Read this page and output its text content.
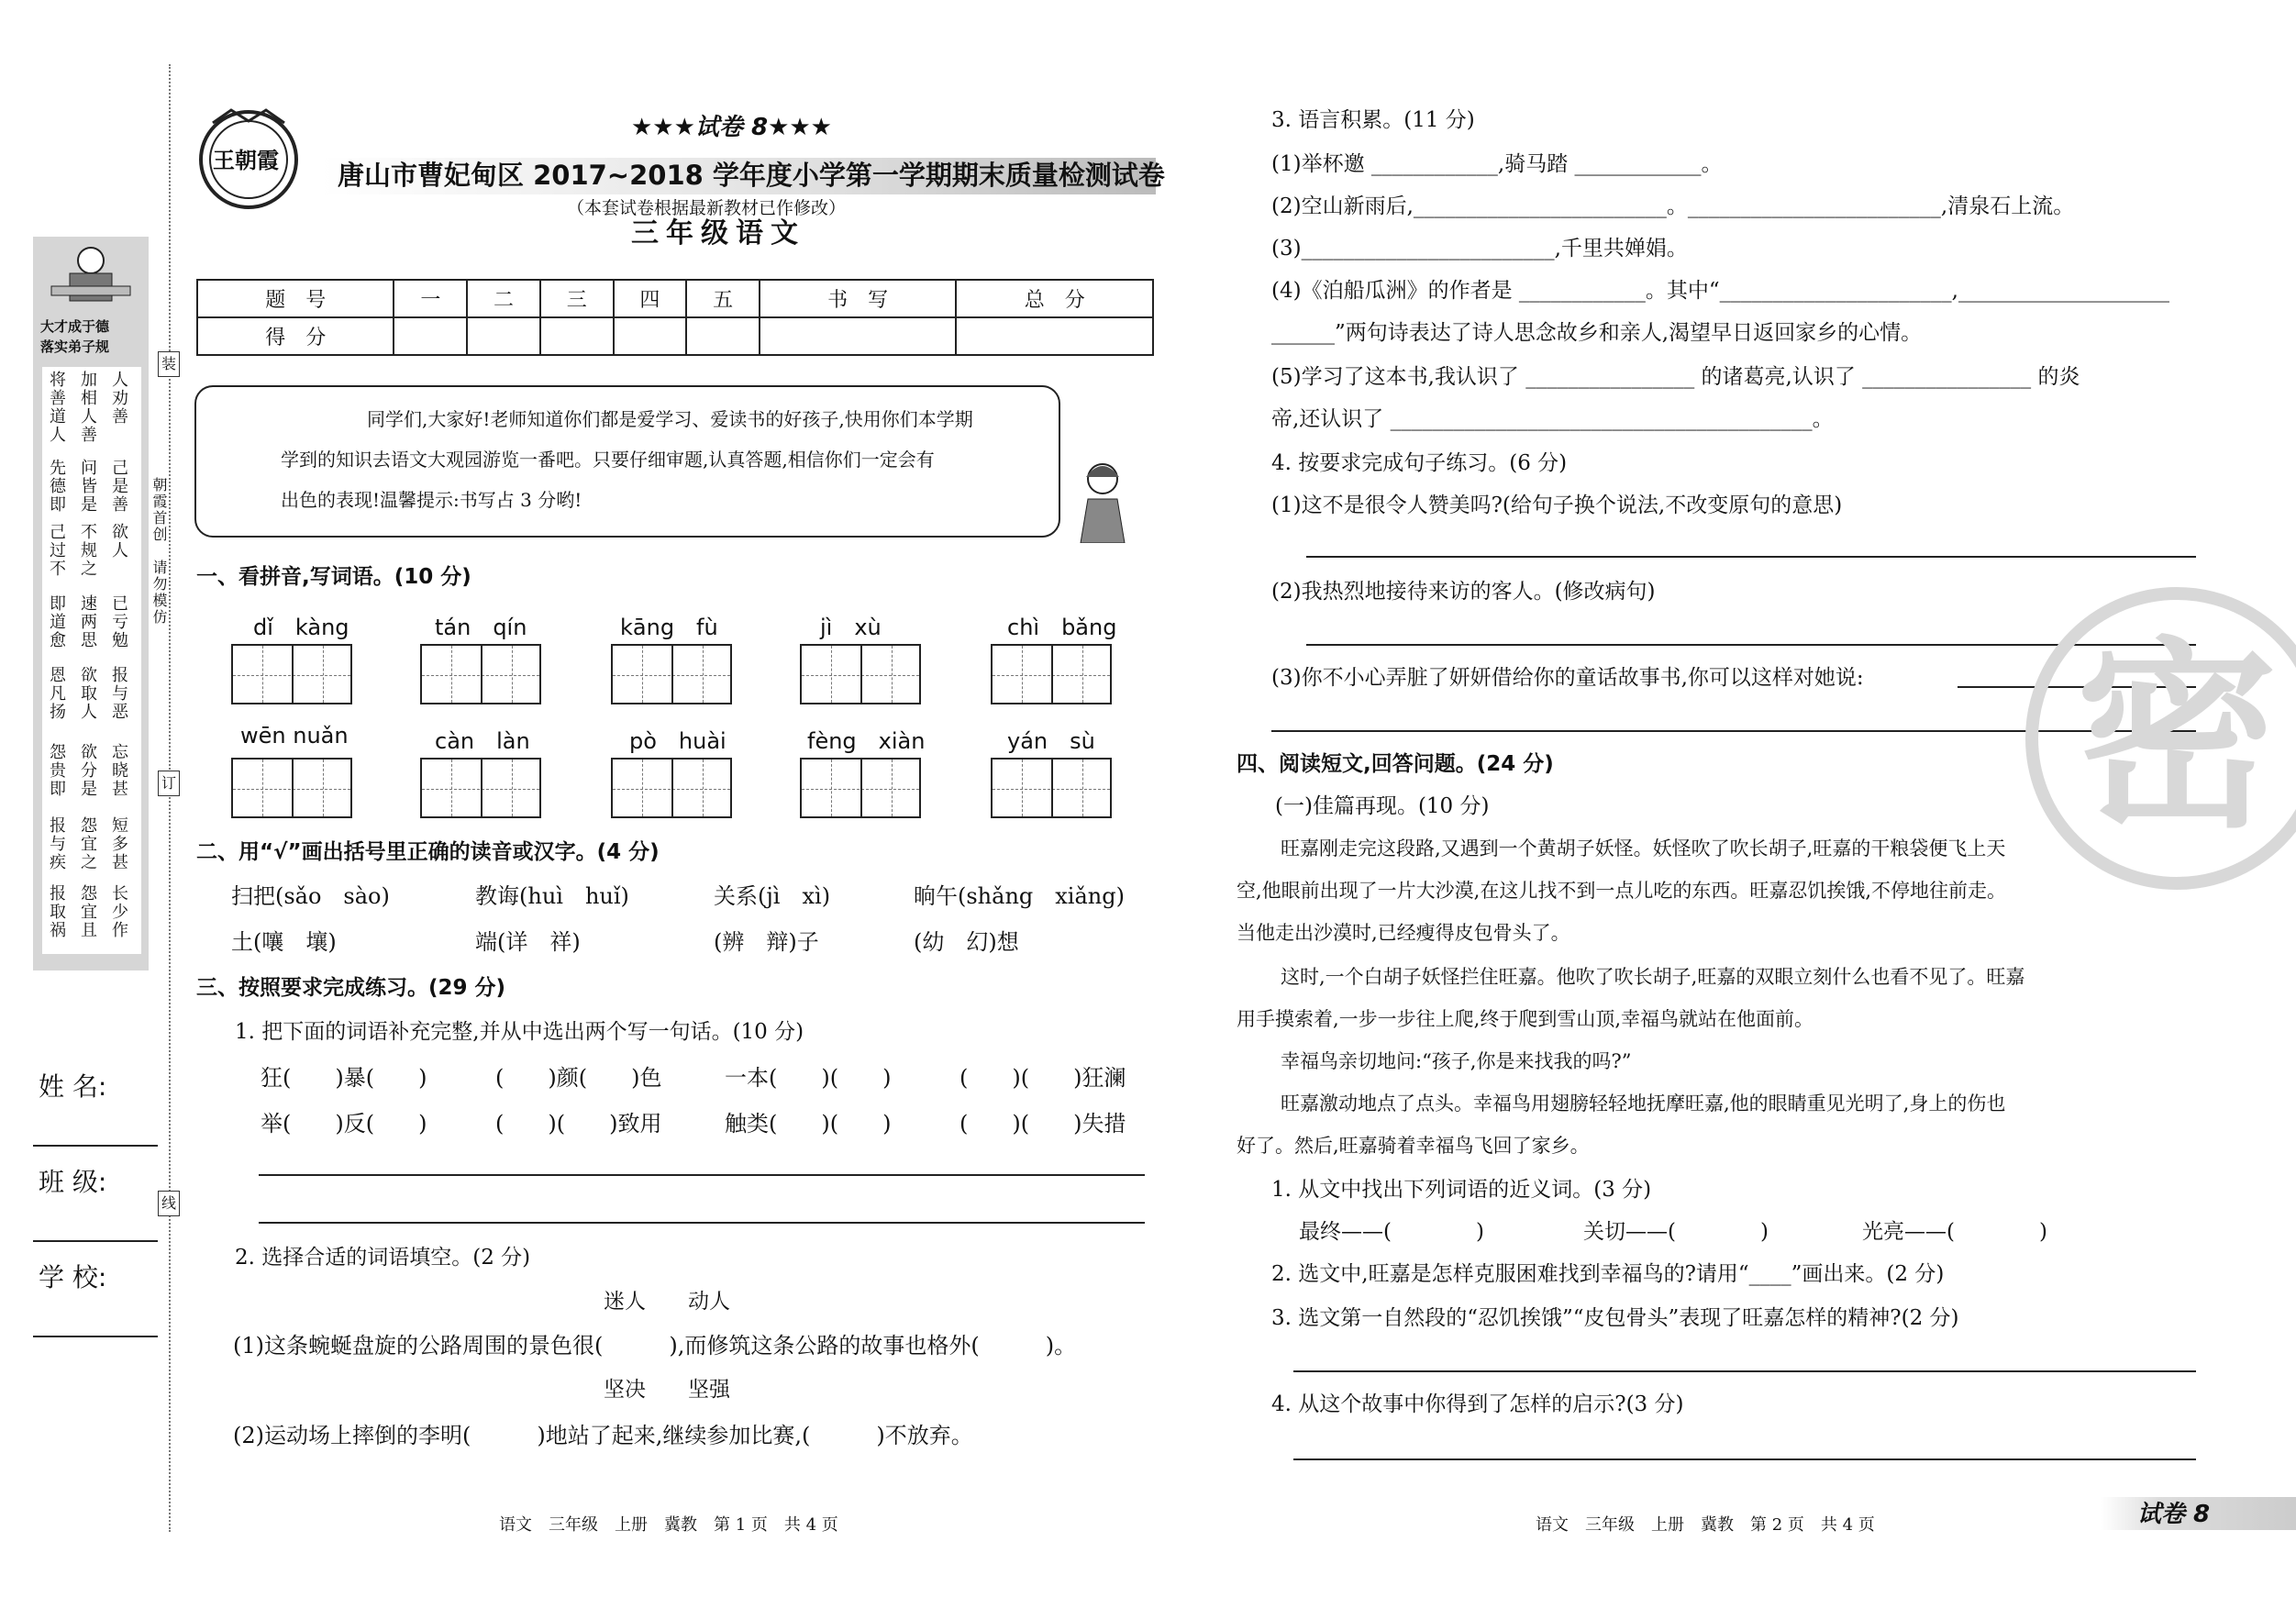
装
订
线
朝霞首创　请勿模仿
大才成于德
落实弟子规
将善道人 加相人善 人劝善
先德即 问皆是 己是善
己过不 不规之 欲人
即道愈 速两思 已亏勉
恩凡扬 欲取人 报与恶
怨贵即 欲分是 忘晓甚
报与疾 怨宜之 短多甚
报取祸 怨宜且 长少作
姓 名:
班 级:
学 校:
王朝霞
★★★试卷 8★★★
唐山市曹妃甸区 2017~2018 学年度小学第一学期期末质量检测试卷
（本套试卷根据最新教材已作修改）
三年级语文
题　号	一	二	三	四	五	书　写	总　分
得　分							
同学们,大家好!老师知道你们都是爱学习、爱读书的好孩子,快用你们本学期
学到的知识去语文大观园游览一番吧。只要仔细审题,认真答题,相信你们一定会有
出色的表现!温馨提示:书写占 3 分哟!
一、看拼音,写词语。(10 分)
dǐ　kàng	tán　qín	kāng　fù	jì　xù	chì　bǎng
wēn nuǎn	càn　làn	pò　huài	fèng　xiàn	yán　sù
二、用“√”画出括号里正确的读音或汉字。(4 分)
扫把(sǎo　sào)	教诲(huì　huǐ)	关系(jì　xì)	晌午(shǎng　xiǎng)
土(嚷　壤)	端(详　祥)	(辨　辩)子	(幼　幻)想
三、按照要求完成练习。(29 分)
1. 把下面的词语补充完整,并从中选出两个写一句话。(10 分)
狂(　　)暴(　　)	(　　)颜(　　)色	一本(　　)(　　)	(　　)(　　)狂澜
举(　　)反(　　)	(　　)(　　)致用	触类(　　)(　　)	(　　)(　　)失措
2. 选择合适的词语填空。(2 分)
迷人　　动人
(1)这条蜿蜒盘旋的公路周围的景色很(　　　),而修筑这条公路的故事也格外(　　　)。
坚决　　坚强
(2)运动场上摔倒的李明(　　　)地站了起来,继续参加比赛,(　　　)不放弃。
3. 语言积累。(11 分)
(1)举杯邀 ____________,骑马踏 ____________。
(2)空山新雨后,________________________。________________________,清泉石上流。
(3)________________________,千里共婵娟。
(4)《泊船瓜洲》的作者是 ____________。其中“______________________,____________________
______”两句诗表达了诗人思念故乡和亲人,渴望早日返回家乡的心情。
(5)学习了这本书,我认识了 ________________ 的诸葛亮,认识了 ________________ 的炎
帝,还认识了 ________________________________________。
4. 按要求完成句子练习。(6 分)
(1)这不是很令人赞美吗?(给句子换个说法,不改变原句的意思)
(2)我热烈地接待来访的客人。(修改病句)
(3)你不小心弄脏了妍妍借给你的童话故事书,你可以这样对她说:
四、阅读短文,回答问题。(24 分)
(一)佳篇再现。(10 分)
旺嘉刚走完这段路,又遇到一个黄胡子妖怪。妖怪吹了吹长胡子,旺嘉的干粮袋便飞上天
空,他眼前出现了一片大沙漠,在这儿找不到一点儿吃的东西。旺嘉忍饥挨饿,不停地往前走。
当他走出沙漠时,已经瘦得皮包骨头了。
这时,一个白胡子妖怪拦住旺嘉。他吹了吹长胡子,旺嘉的双眼立刻什么也看不见了。旺嘉
用手摸索着,一步一步往上爬,终于爬到雪山顶,幸福鸟就站在他面前。
幸福鸟亲切地问:“孩子,你是来找我的吗?”
旺嘉激动地点了点头。幸福鸟用翅膀轻轻地抚摩旺嘉,他的眼睛重见光明了,身上的伤也
好了。然后,旺嘉骑着幸福鸟飞回了家乡。
1. 从文中找出下列词语的近义词。(3 分)
最终——(　　　　)	关切——(　　　　)	光亮——(　　　　)
2. 选文中,旺嘉是怎样克服困难找到幸福鸟的?请用“____”画出来。(2 分)
3. 选文第一自然段的“忍饥挨饿”“皮包骨头”表现了旺嘉怎样的精神?(2 分)
4. 从这个故事中你得到了怎样的启示?(3 分)
密
语文　三年级　上册　冀教　第 1 页　共 4 页	语文　三年级　上册　冀教　第 2 页　共 4 页	试卷 8
